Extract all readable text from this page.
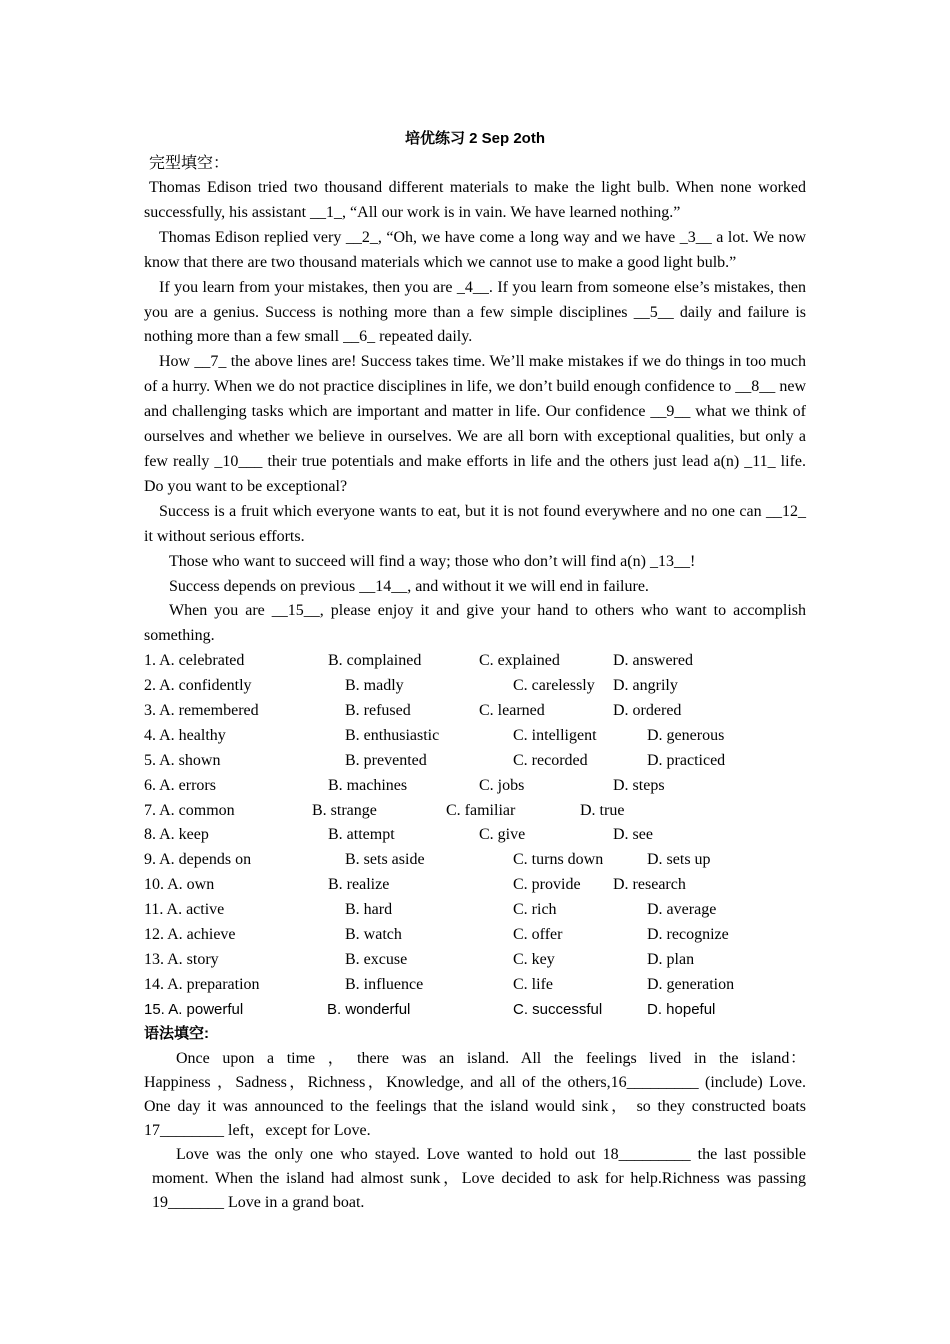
培优练习 2 Sep 2oth
完型填空：

Thomas Edison tried two thousand different materials to make the light bulb. When none worked successfully, his assistant __1_, “All our work is in vain. We have learned nothing.”

Thomas Edison replied very __2_, “Oh, we have come a long way and we have _3__ a lot. We now know that there are two thousand materials which we cannot use to make a good light bulb.”

If you learn from your mistakes, then you are _4__. If you learn from someone else’s mistakes, then you are a genius. Success is nothing more than a few simple disciplines __5__ daily and failure is nothing more than a few small __6_ repeated daily.

How __7_ the above lines are! Success takes time. We’ll make mistakes if we do things in too much of a hurry. When we do not practice disciplines in life, we don’t build enough confidence to __8__ new and challenging tasks which are important and matter in life. Our confidence __9__ what we think of ourselves and whether we believe in ourselves. We are all born with exceptional qualities, but only a few really _10___ their true potentials and make efforts in life and the others just lead a(n) _11_ life. Do you want to be exceptional?

Success is a fruit which everyone wants to eat, but it is not found everywhere and no one can __12_ it without serious efforts.

Those who want to succeed will find a way; those who don’t will find a(n) _13__!

Success depends on previous __14__, and without it we will end in failure.

When you are __15__, please enjoy it and give your hand to others who want to accomplish something.

1. A. celebrated	B. complained	C. explained	D. answered
2. A. confidently	B. madly	C. carelessly D. angrily
3. A. remembered	B. refused	C. learned	D. ordered
4. A. healthy	B. enthusiastic	C. intelligent	D. generous
5. A. shown	B. prevented	C. recorded	D. practiced
6. A. errors	B. machines	C. jobs	D. steps
7. A. common	B. strange	C. familiar	D. true
8. A. keep	B. attempt	C. give	D. see
9. A. depends on	B. sets aside	C. turns down	D. sets up
10. A. own	B. realize	C. provide D. research
11. A. active	B. hard	C. rich	D. average
12. A. achieve	B. watch	C. offer	D. recognize
13. A. story	B. excuse	C. key	D. plan
14. A. preparation	B. influence	C. life	D. generation
15. A. powerful	B. wonderful	C. successful	D. hopeful
语法填空:
Once upon a time ， there was an island. All the feelings lived in the island：
Happiness ，Sadness，Richness，Knowledge, and all of the others,16_________ (include) Love. One day it was announced to the feelings that the island would sink， so they constructed boats 17________ left，except for Love.
Love was the only one who stayed. Love wanted to hold out 18_________ the last possible
moment. When the island had almost sunk，Love decided to ask for help.Richness was passing 19_______ Love in a grand boat.
